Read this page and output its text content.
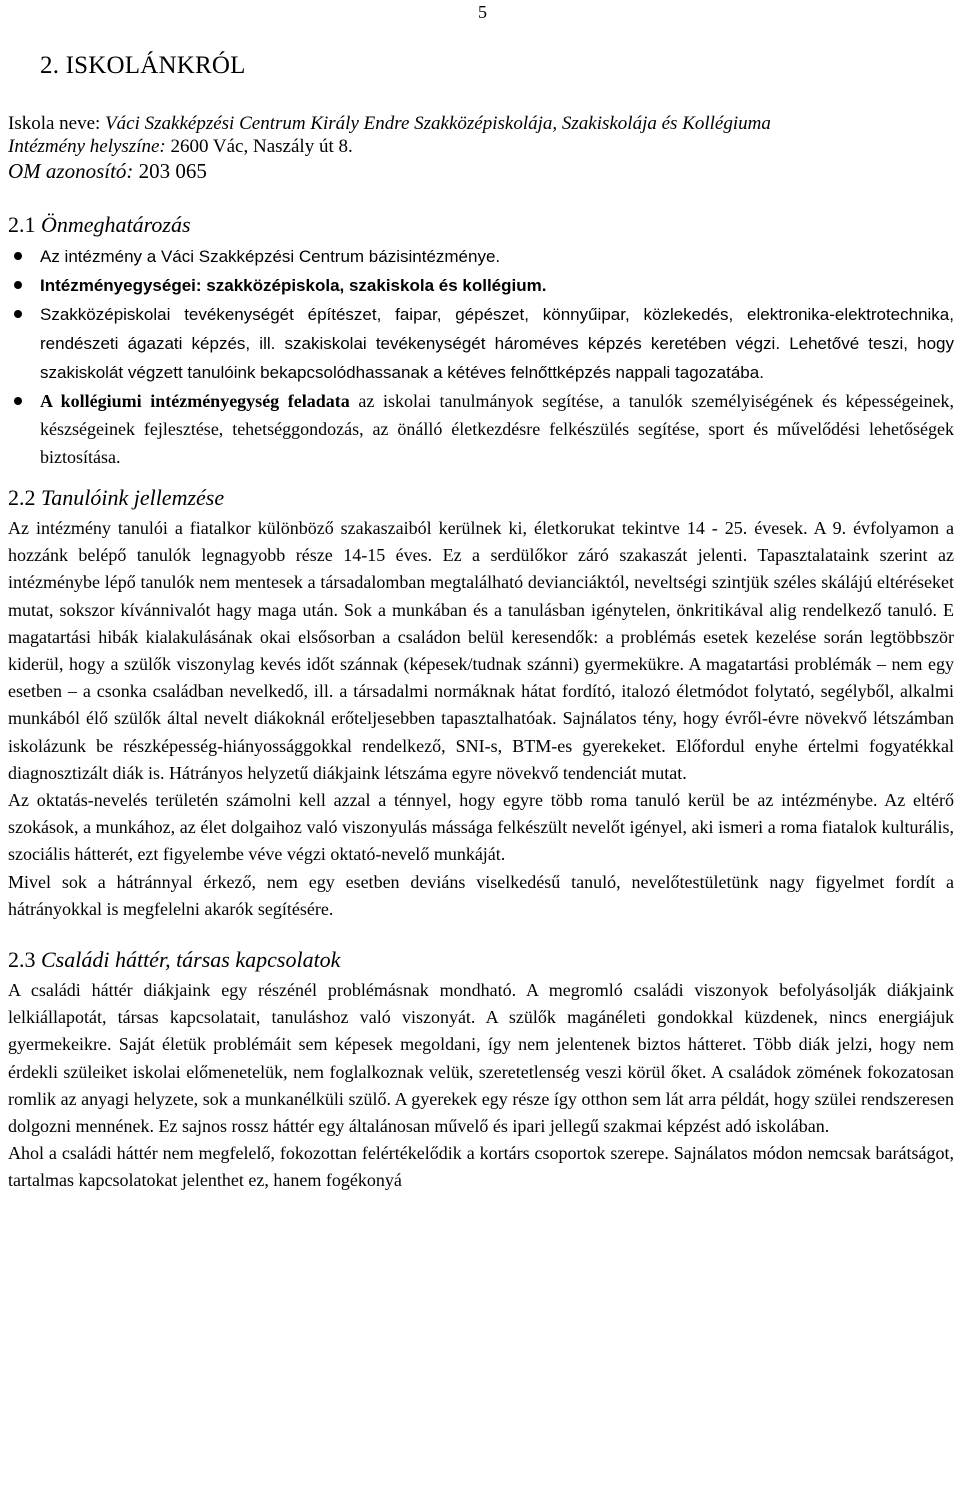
5
2. ISKOLÁNKRÓL
Iskola neve: Váci Szakképzési Centrum Király Endre Szakközépiskolája, Szakiskolája és Kollégiuma
Intézmény helyszíne: 2600 Vác, Naszály út 8.
OM azonosító: 203 065
2.1 Önmeghatározás
Az intézmény a Váci Szakképzési Centrum bázisintézménye.
Intézményegységei: szakközépiskola, szakiskola és kollégium.
Szakközépiskolai tevékenységét építészet, faipar, gépészet, könnyűipar, közlekedés, elektronika-elektrotechnika, rendészeti ágazati képzés, ill. szakiskolai tevékenységét hároméves képzés keretében végzi. Lehetővé teszi, hogy szakiskolát végzett tanulóink bekapcsolódhassanak a kétéves felnőttképzés nappali tagozatába.
A kollégiumi intézményegység feladata az iskolai tanulmányok segítése, a tanulók személyiségének és képességeinek, készségeinek fejlesztése, tehetséggondozás, az önálló életkezdésre felkészülés segítése, sport és művelődési lehetőségek biztosítása.
2.2 Tanulóink jellemzése

Az intézmény tanulói a fiatalkor különböző szakaszaiból kerülnek ki, életkorukat tekintve 14 - 25. évesek. A 9. évfolyamon a hozzánk belépő tanulók legnagyobb része 14-15 éves. Ez a serdülőkor záró szakaszát jelenti. Tapasztalataink szerint az intézménybe lépő tanulók nem mentesek a társadalomban megtalálható devianciáktól, neveltségi szintjük széles skálájú eltéréseket mutat, sokszor kívánnivalót hagy maga után. Sok a munkában és a tanulásban igénytelen, önkritikával alig rendelkező tanuló. E magatartási hibák kialakulásának okai elsősorban a családon belül keresendők: a problémás esetek kezelése során legtöbbször kiderül, hogy a szülők viszonylag kevés időt szánnak (képesek/tudnak szánni) gyermekükre. A magatartási problémák – nem egy esetben – a csonka családban nevelkedő, ill. a társadalmi normáknak hátat fordító, italozó életmódot folytató, segélyből, alkalmi munkából élő szülők által nevelt diákoknál erőteljesebben tapasztalhatóak. Sajnálatos tény, hogy évről-évre növekvő létszámban iskolázunk be részképesség-hiányossággokkal rendelkező, SNI-s, BTM-es gyerekeket. Előfordul enyhe értelmi fogyatékkal diagnosztizált diák is. Hátrányos helyzetű diákjaink létszáma egyre növekvő tendenciát mutat.

Az oktatás-nevelés területén számolni kell azzal a ténnyel, hogy egyre több roma tanuló kerül be az intézménybe. Az eltérő szokások, a munkához, az élet dolgaihoz való viszonyulás mássága felkészült nevelőt igényel, aki ismeri a roma fiatalok kulturális, szociális hátterét, ezt figyelembe véve végzi oktató-nevelő munkáját.

Mivel sok a hátránnyal érkező, nem egy esetben deviáns viselkedésű tanuló, nevelőtestületünk nagy figyelmet fordít a hátrányokkal is megfelelni akarók segítésére.

2.3 Családi háttér, társas kapcsolatok

A családi háttér diákjaink egy részénél problémásnak mondható. A megromló családi viszonyok befolyásolják diákjaink lelkiállapotát, társas kapcsolatait, tanuláshoz való viszonyát. A szülők magánéleti gondokkal küzdenek, nincs energiájuk gyermekeikre. Saját életük problémáit sem képesek megoldani, így nem jelentenek biztos hátteret. Több diák jelzi, hogy nem érdekli szüleiket iskolai előmenetelük, nem foglalkoznak velük, szeretetlenség veszi körül őket. A családok zömének fokozatosan romlik az anyagi helyzete, sok a munkanélküli szülő. A gyerekek egy része így otthon sem lát arra példát, hogy szülei rendszeresen dolgozni mennének. Ez sajnos rossz háttér egy általánosan művelő és ipari jellegű szakmai képzést adó iskolában.

Ahol a családi háttér nem megfelelő, fokozottan felértékelődik a kortárs csoportok szerepe. Sajnálatos módon nemcsak barátságot, tartalmas kapcsolatokat jelenthet ez, hanem fogékonyá
